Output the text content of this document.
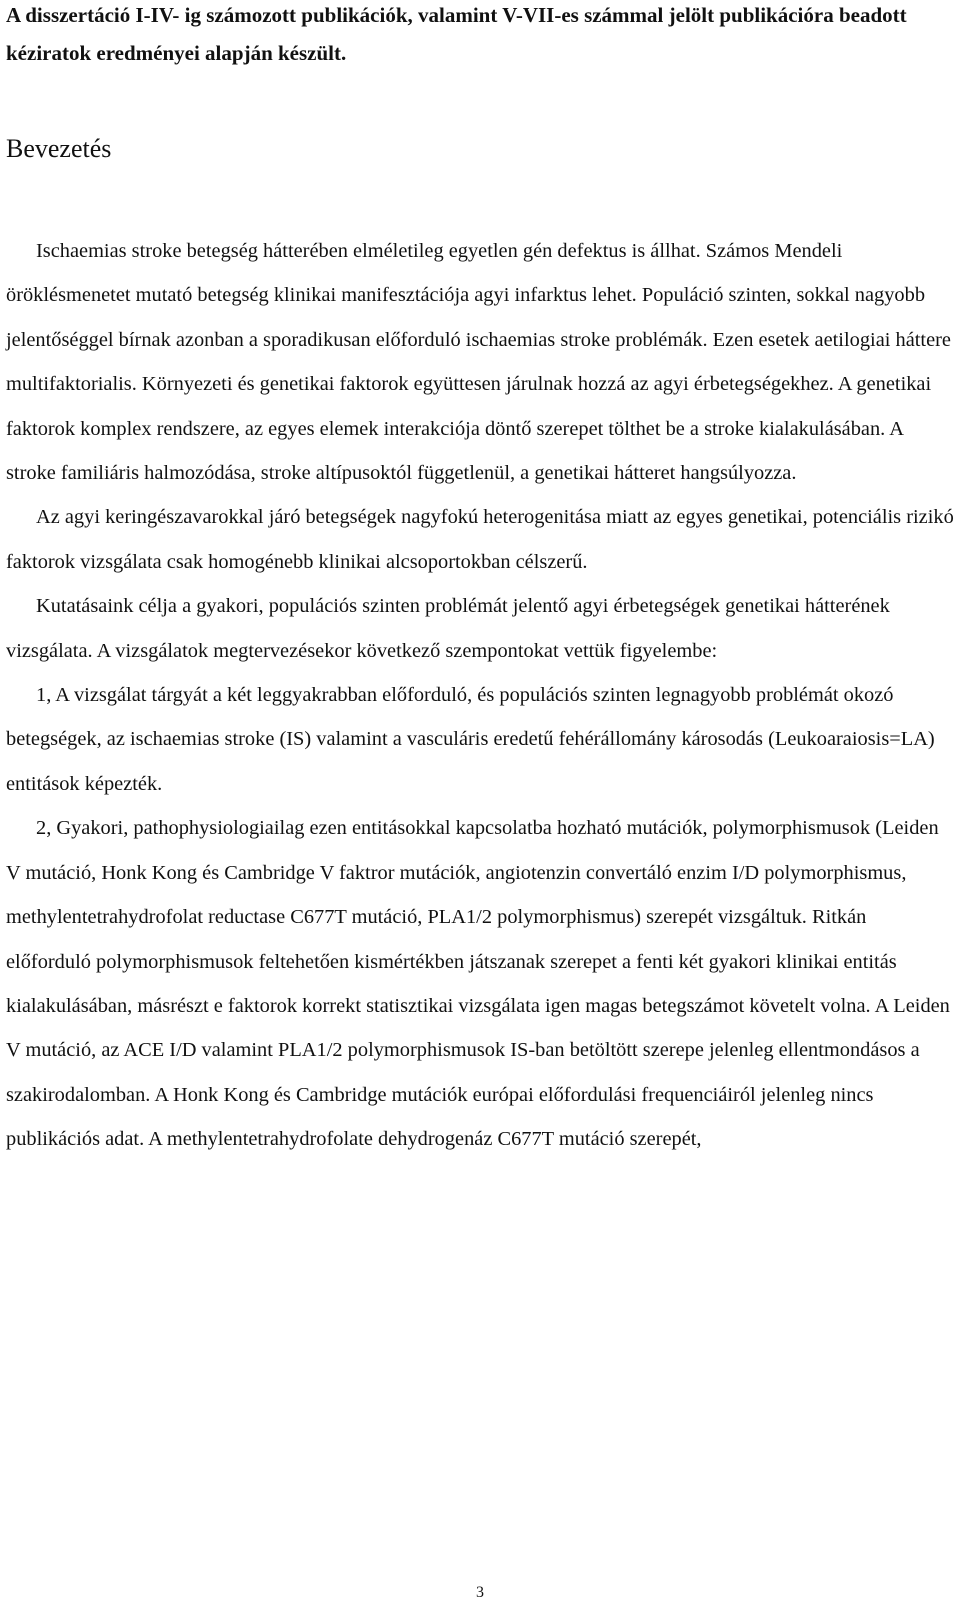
A disszertáció I-IV- ig számozott publikációk, valamint V-VII-es számmal jelölt publikációra beadott kéziratok eredményei alapján készült.

Bevezetés

Ischaemias stroke betegség hátterében elméletileg egyetlen gén defektus is állhat. Számos Mendeli öröklésmenetet mutató betegség klinikai manifesztációja agyi infarktus lehet. Populáció szinten, sokkal nagyobb jelentőséggel bírnak azonban a sporadikusan előforduló ischaemias stroke problémák. Ezen esetek aetilogiai háttere multifaktorialis. Környezeti és genetikai faktorok együttesen járulnak hozzá az agyi érbetegségekhez. A genetikai faktorok komplex rendszere, az egyes elemek interakciója döntő szerepet tölthet be a stroke kialakulásában. A stroke familiáris halmozódása, stroke altípusoktól függetlenül, a genetikai hátteret hangsúlyozza.

Az agyi keringészavarokkal járó betegségek nagyfokú heterogenitása miatt az egyes genetikai, potenciális rizikó faktorok vizsgálata csak homogénebb klinikai alcsoportokban célszerű.

Kutatásaink célja a gyakori, populációs szinten problémát jelentő agyi érbetegségek genetikai hátterének vizsgálata. A vizsgálatok megtervezésekor következő szempontokat vettük figyelembe:

1, A vizsgálat tárgyát a két leggyakrabban előforduló, és populációs szinten legnagyobb problémát okozó betegségek, az ischaemias stroke (IS) valamint a vasculáris eredetű fehérállomány károsodás (Leukoaraiosis=LA) entitások képezték.

2, Gyakori, pathophysiologiailag ezen entitásokkal kapcsolatba hozható mutációk, polymorphismusok (Leiden V mutáció, Honk Kong és Cambridge V faktror mutációk, angiotenzin convertáló enzim I/D polymorphismus, methylentetrahydrofolat reductase C677T mutáció, PLA1/2 polymorphismus) szerepét vizsgáltuk. Ritkán előforduló polymorphismusok feltehetően kismértékben játszanak szerepet a fenti két gyakori klinikai entitás kialakulásában, másrészt e faktorok korrekt statisztikai vizsgálata igen magas betegszámot követelt volna. A Leiden V mutáció, az ACE I/D valamint PLA1/2 polymorphismusok IS-ban betöltött szerepe jelenleg ellentmondásos a szakirodalomban. A Honk Kong és Cambridge mutációk európai előfordulási frequenciáiról jelenleg nincs publikációs adat. A methylentetrahydrofolate dehydrogenáz C677T mutáció szerepét,

3
